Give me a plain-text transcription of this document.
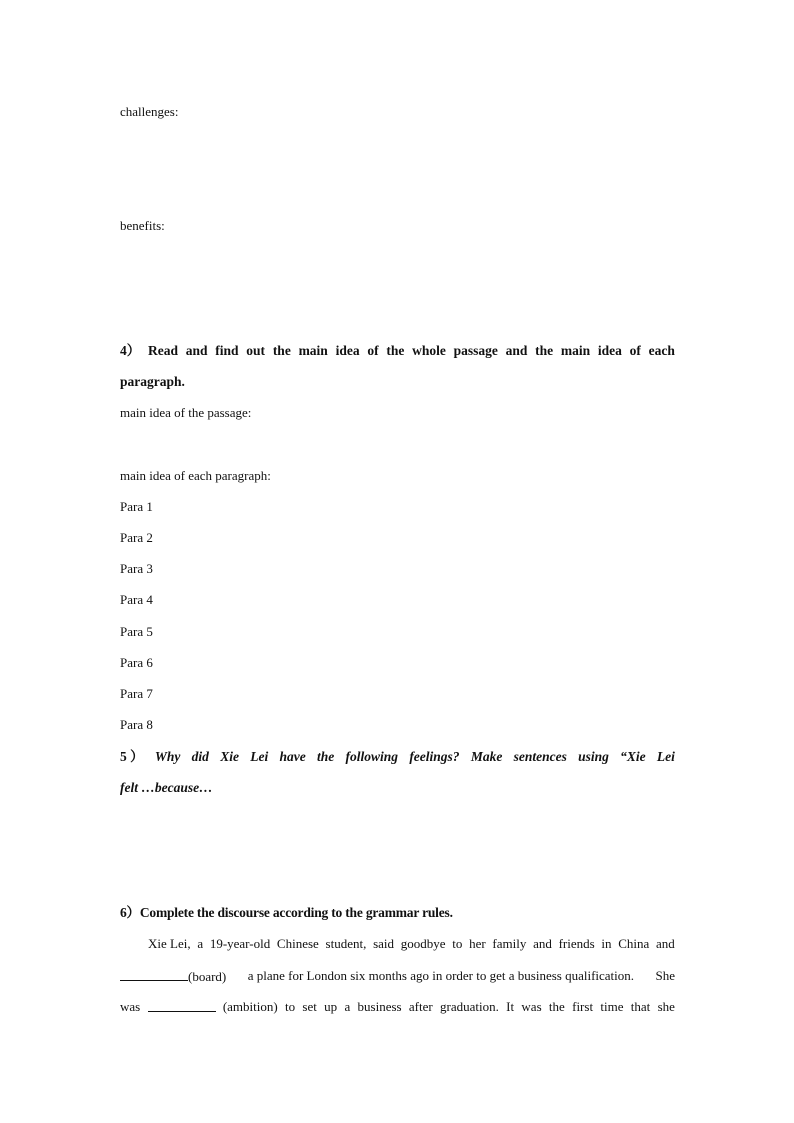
challenges:
benefits:
4） Read and find out the main idea of the whole passage and the main idea of each
paragraph.
main idea of the passage:
main idea of each paragraph:
Para 1
Para 2
Para 3
Para 4
Para 5
Para 6
Para 7
Para 8
5 ） Why did Xie Lei have the following feelings? Make sentences using “Xie Lei
felt …because…
6）Complete the discourse according to the grammar rules.
Xie Lei, a 19-year-old Chinese student, said goodbye to her family and friends in China and
(board) a plane for London six months ago in order to get a business qualification. She
was	(ambition) to set up a business after graduation. It was the first time that she
